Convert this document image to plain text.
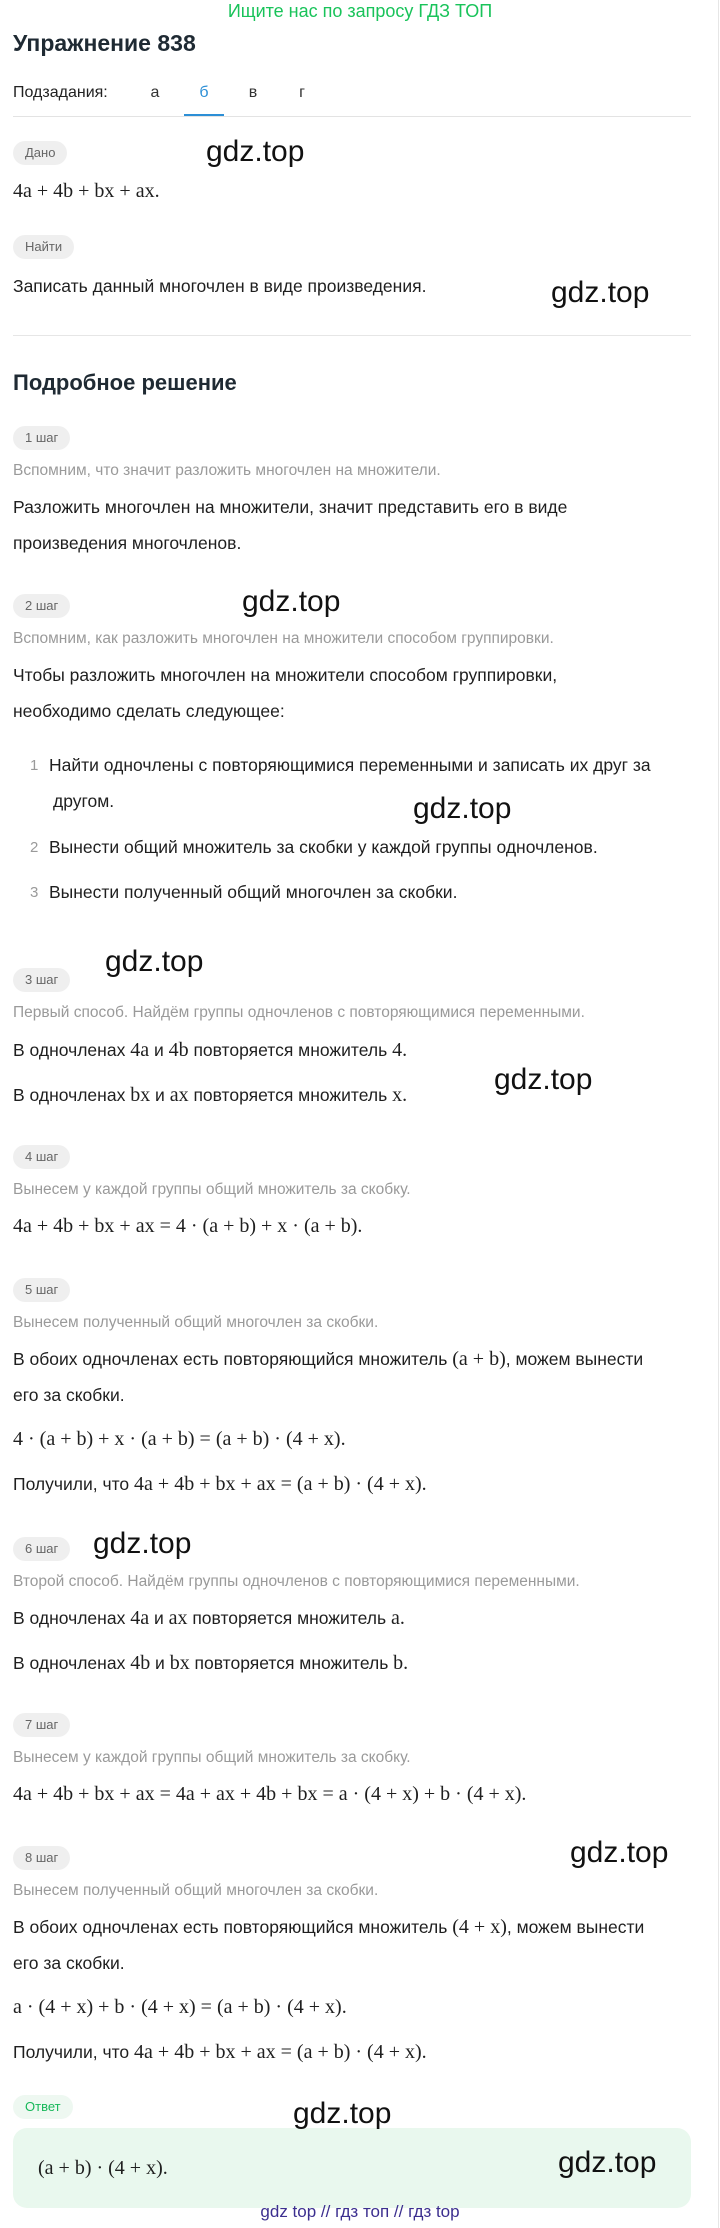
Ищите нас по запросу ГДЗ ТОП
Упражнение 838
Подзадания:	а	б	в	г
Дано
4a + 4b + bx + ax.
Найти
Записать данный многочлен в виде произведения.
Подробное решение
1 шаг
Вспомним, что значит разложить многочлен на множители.
Разложить многочлен на множители, значит представить его в виде
произведения многочленов.
2 шаг
Вспомним, как разложить многочлен на множители способом группировки.
Чтобы разложить многочлен на множители способом группировки,
необходимо сделать следующее:
1 Найти одночлены с повторяющимися переменными и записать их друг за
другом.
2 Вынести общий множитель за скобки у каждой группы одночленов.
3 Вынести полученный общий многочлен за скобки.
3 шаг
Первый способ. Найдём группы одночленов с повторяющимися переменными.
В одночленах 4a и 4b повторяется множитель 4.
В одночленах bx и ax повторяется множитель x.
4 шаг
Вынесем у каждой группы общий множитель за скобку.
4a + 4b + bx + ax = 4 · (a + b) + x · (a + b).
5 шаг
Вынесем полученный общий многочлен за скобки.
В обоих одночленах есть повторяющийся множитель (a + b), можем вынести
его за скобки.
4 · (a + b) + x · (a + b) = (a + b) · (4 + x).
Получили, что 4a + 4b + bx + ax = (a + b) · (4 + x).
6 шаг
Второй способ. Найдём группы одночленов с повторяющимися переменными.
В одночленах 4a и ax повторяется множитель a.
В одночленах 4b и bx повторяется множитель b.
7 шаг
Вынесем у каждой группы общий множитель за скобку.
4a + 4b + bx + ax = 4a + ax + 4b + bx = a · (4 + x) + b · (4 + x).
8 шаг
Вынесем полученный общий многочлен за скобки.
В обоих одночленах есть повторяющийся множитель (4 + x), можем вынести
его за скобки.
a · (4 + x) + b · (4 + x) = (a + b) · (4 + x).
Получили, что 4a + 4b + bx + ax = (a + b) · (4 + x).
Ответ
(a + b) · (4 + x).
gdz.top
gdz.top
gdz.top
gdz.top
gdz.top
gdz.top
gdz.top
gdz.top
gdz.top
gdz.top
gdz top // гдз топ // гдз top
